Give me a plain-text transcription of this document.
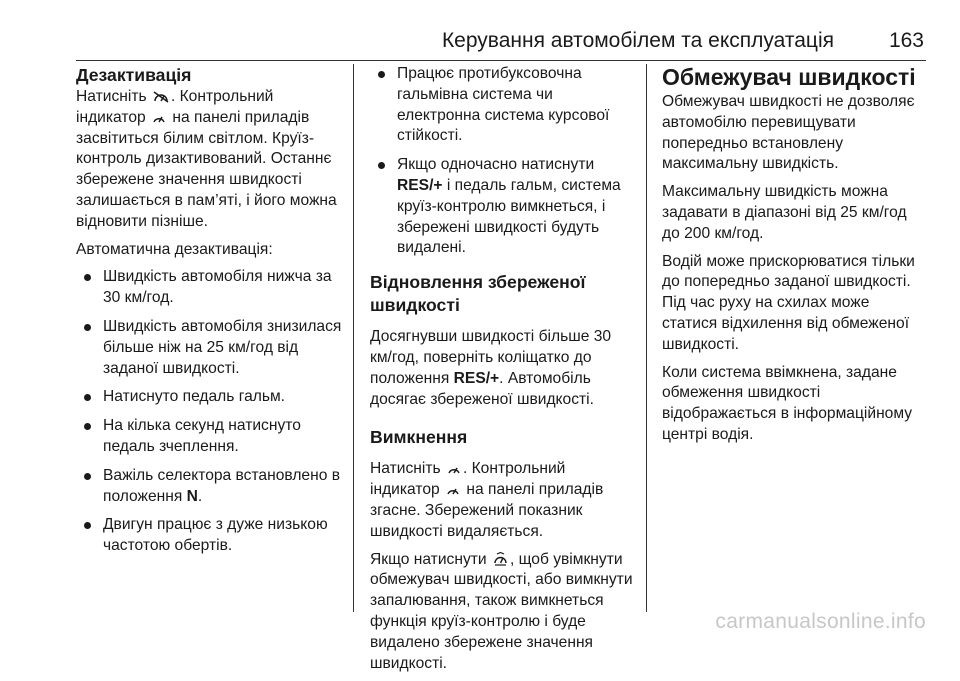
Керування автомобілем та експлуатація	163
Дезактивація

Натисніть . Контрольний індикатор на панелі приладів засвітиться білим світлом. Круїз-контроль дизактивований. Останнє збережене значення швидкості залишається в пам’яті, і його можна відновити пізніше.

Автоматична дезактивація:

Швидкість автомобіля нижча за 30 км/год.
Швидкість автомобіля знизилася більше ніж на 25 км/год від заданої швидкості.
Натиснуто педаль гальм.
На кілька секунд натиснуто педаль зчеплення.
Важіль селектора встановлено в положення N.
Двигун працює з дуже низькою частотою обертів.
Працює протибуксовочна гальмівна система чи електронна система курсової стійкості.
Якщо одночасно натиснути RES/+ і педаль гальм, система круїз-контролю вимкнеться, і збережені швидкості будуть видалені.
Відновлення збереженої швидкості

Досягнувши швидкості більше 30 км/год, поверніть коліщатко до положення RES/+. Автомобіль досягає збереженої швидкості.

Вимкнення

Натисніть . Контрольний індикатор на панелі приладів згасне. Збережений показник швидкості видаляється.

Якщо натиснути , щоб увімкнути обмежувач швидкості, або вимкнути запалювання, також вимкнеться функція круїз-контролю і буде видалено збережене значення швидкості.

Обмежувач швидкості

Обмежувач швидкості не дозволяє автомобілю перевищувати попередньо встановлену максимальну швидкість.

Максимальну швидкість можна задавати в діапазоні від 25 км/год до 200 км/год.

Водій може прискорюватися тільки до попередньо заданої швидкості. Під час руху на схилах може статися відхилення від обмеженої швидкості.

Коли система ввімкнена, задане обмеження швидкості відображається в інформаційному центрі водія.

carmanualsonline.info
